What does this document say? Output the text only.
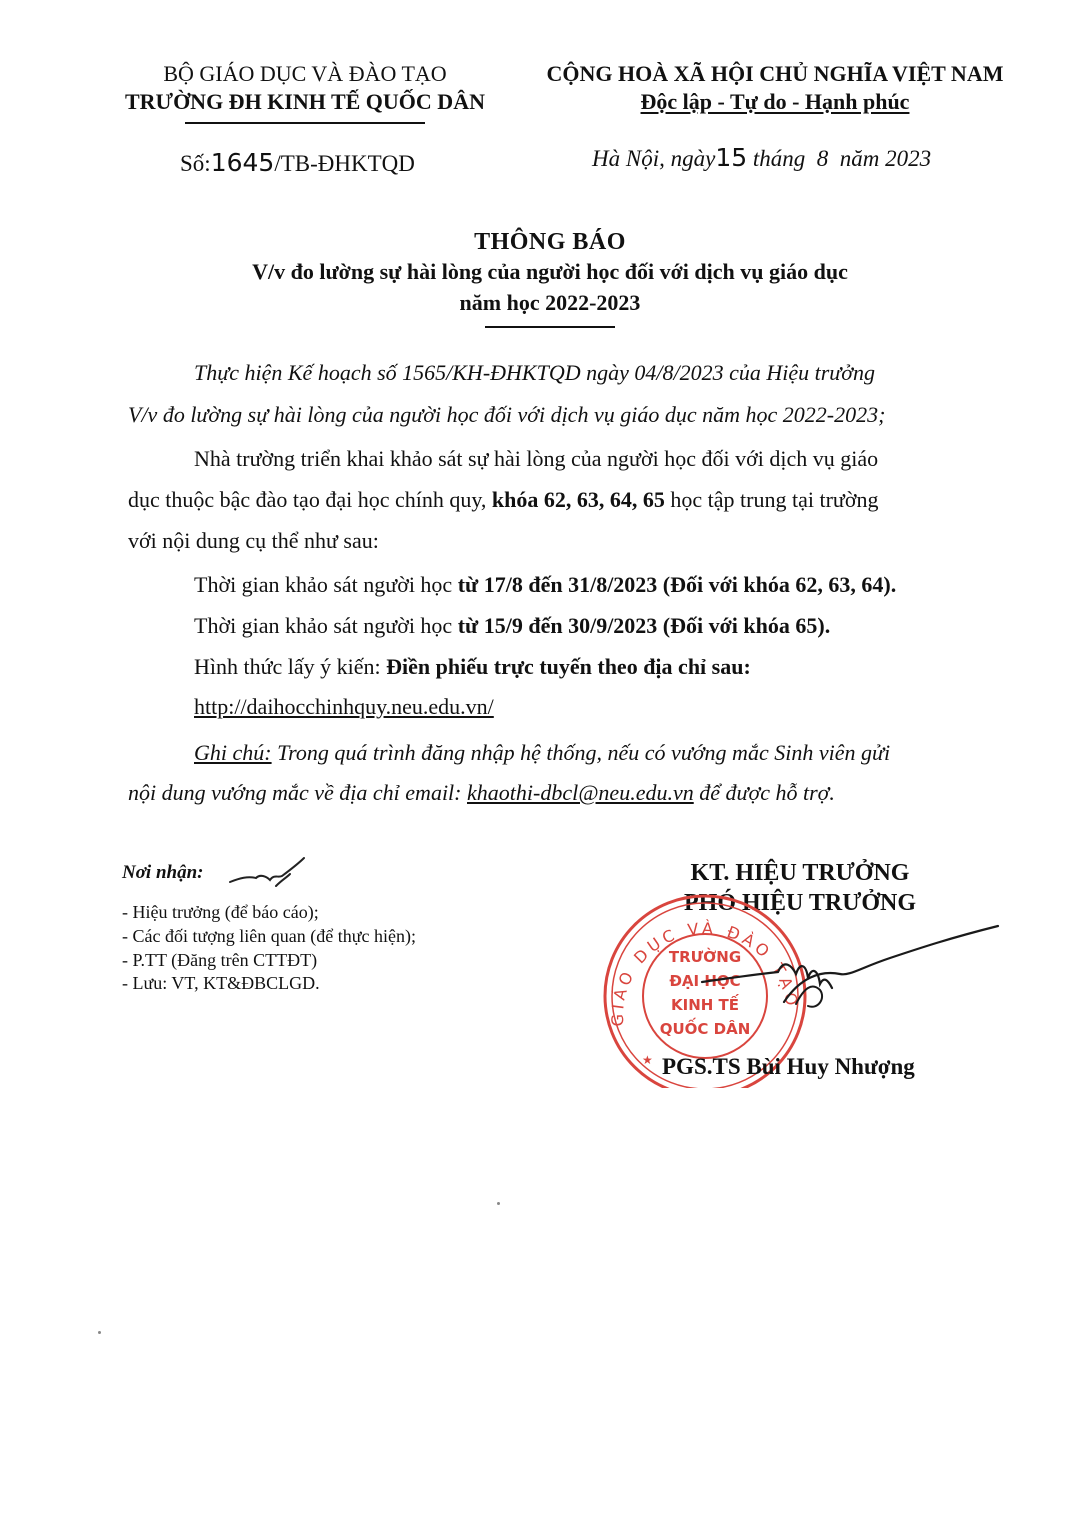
BỘ GIÁO DỤC VÀ ĐÀO TẠO
TRƯỜNG ĐH KINH TẾ QUỐC DÂN
CỘNG HOÀ XÃ HỘI CHỦ NGHĨA VIỆT NAM
Độc lập - Tự do - Hạnh phúc
Số:1645/TB-ĐHKTQD	Hà Nội, ngày15 tháng 8 năm 2023
THÔNG BÁO
V/v đo lường sự hài lòng của người học đối với dịch vụ giáo dục
năm học 2022-2023
Thực hiện Kế hoạch số 1565/KH-ĐHKTQD ngày 04/8/2023 của Hiệu trưởng
V/v đo lường sự hài lòng của người học đối với dịch vụ giáo dục năm học 2022-2023;
Nhà trường triển khai khảo sát sự hài lòng của người học đối với dịch vụ giáo
dục thuộc bậc đào tạo đại học chính quy, khóa 62, 63, 64, 65 học tập trung tại trường
với nội dung cụ thể như sau:
Thời gian khảo sát người học từ 17/8 đến 31/8/2023 (Đối với khóa 62, 63, 64).
Thời gian khảo sát người học từ 15/9 đến 30/9/2023 (Đối với khóa 65).
Hình thức lấy ý kiến: Điền phiếu trực tuyến theo địa chỉ sau:
http://daihocchinhquy.neu.edu.vn/
Ghi chú: Trong quá trình đăng nhập hệ thống, nếu có vướng mắc Sinh viên gửi
nội dung vướng mắc về địa chỉ email: khaothi-dbcl@neu.edu.vn để được hỗ trợ.
Nơi nhận:
- Hiệu trưởng (để báo cáo);
- Các đối tượng liên quan (để thực hiện);
- P.TT (Đăng trên CTTĐT)
- Lưu: VT, KT&ĐBCLGD.
KT. HIỆU TRƯỞNG
PHÓ HIỆU TRƯỞNG
GIÁO DỤC VÀ ĐÀO TẠO
TRƯỜNG
ĐẠI HỌC
KINH TẾ
QUỐC DÂN
★ PGS.TS Bùi Huy Nhượng
